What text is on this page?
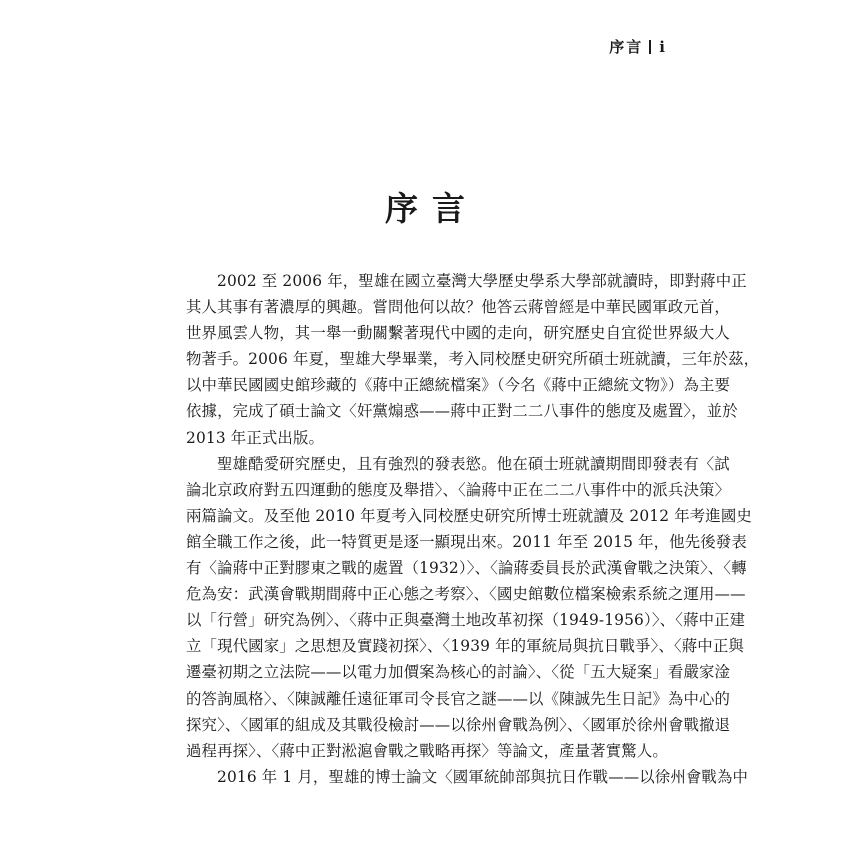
序言 i
序言
2002 至 2006 年，聖雄在國立臺灣大學歷史學系大學部就讀時，即對蔣中正
其人其事有著濃厚的興趣。嘗問他何以故？他答云蔣曾經是中華民國軍政元首，
世界風雲人物，其一舉一動關繫著現代中國的走向，研究歷史自宜從世界級大人
物著手。2006 年夏，聖雄大學畢業，考入同校歷史研究所碩士班就讀，三年於茲，
以中華民國國史館珍藏的《蔣中正總統檔案》（今名《蔣中正總統文物》）為主要
依據，完成了碩士論文〈奸黨煽惑——蔣中正對二二八事件的態度及處置〉，並於
2013 年正式出版。
聖雄酷愛研究歷史，且有強烈的發表慾。他在碩士班就讀期間即發表有〈試
論北京政府對五四運動的態度及舉措〉、〈論蔣中正在二二八事件中的派兵決策〉
兩篇論文。及至他 2010 年夏考入同校歷史研究所博士班就讀及 2012 年考進國史
館全職工作之後，此一特質更是逐一顯現出來。2011 年至 2015 年，他先後發表
有〈論蔣中正對膠東之戰的處置（1932）〉、〈論蔣委員長於武漢會戰之決策〉、〈轉
危為安：武漢會戰期間蔣中正心態之考察〉、〈國史館數位檔案檢索系統之運用——
以「行營」研究為例〉、〈蔣中正與臺灣土地改革初探（1949-1956）〉、〈蔣中正建
立「現代國家」之思想及實踐初探〉、〈1939 年的軍統局與抗日戰爭〉、〈蔣中正與
遷臺初期之立法院——以電力加價案為核心的討論〉、〈從「五大疑案」看嚴家淦
的答詢風格〉、〈陳誠離任遠征軍司令長官之謎——以《陳誠先生日記》為中心的
探究〉、〈國軍的組成及其戰役檢討——以徐州會戰為例〉、〈國軍於徐州會戰撤退
過程再探〉、〈蔣中正對淞滬會戰之戰略再探〉等論文，產量著實驚人。
2016 年 1 月，聖雄的博士論文〈國軍統帥部與抗日作戰——以徐州會戰為中
